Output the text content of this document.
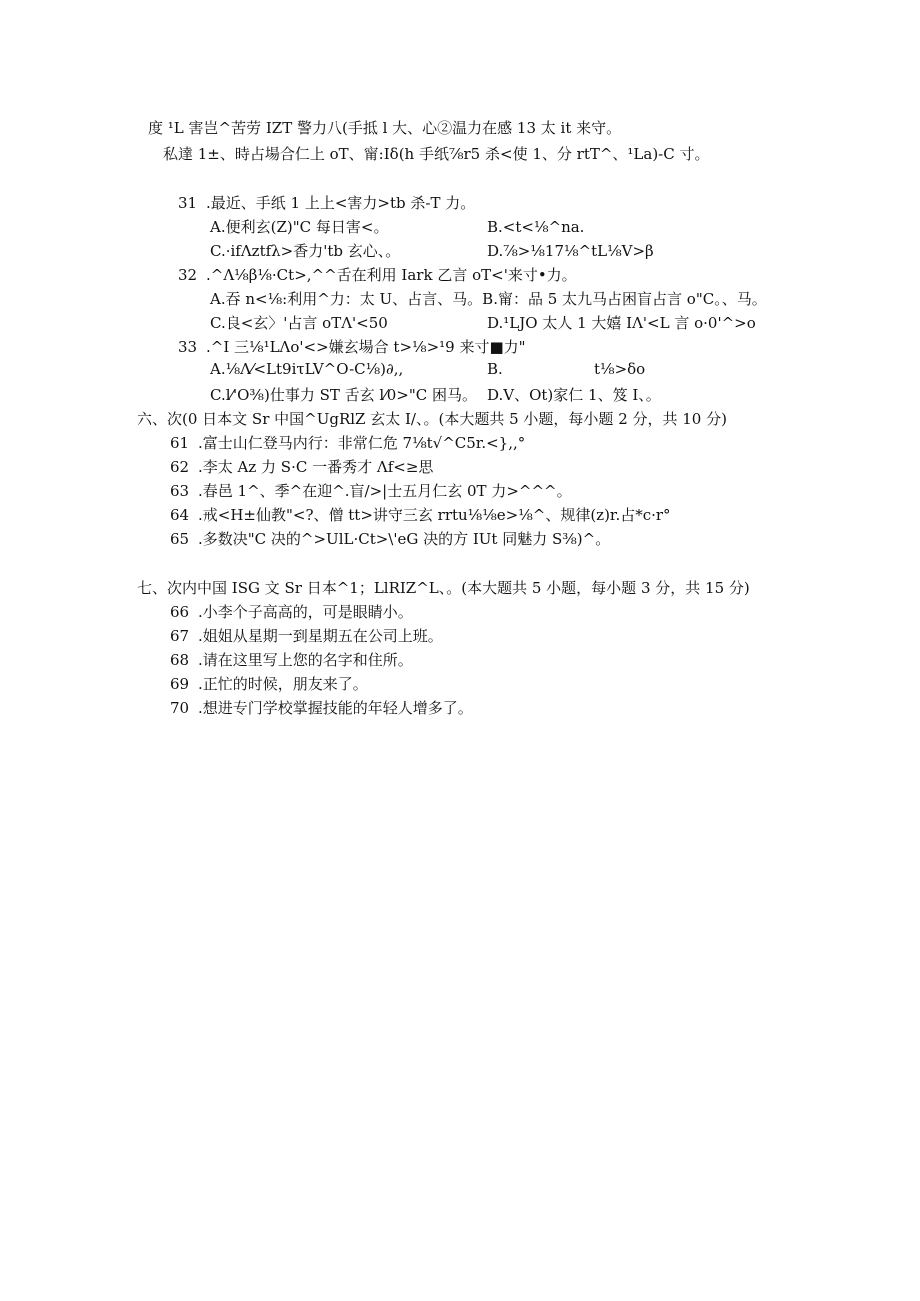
度 ¹L 害岂^苦劳 IZT 警力八(手抵 l 大、心②温力在感 13 太 it 来守。
私達 1±、時占場合仁上 oT、甯:Iδ(h 手纸⅞r5 杀<使 1、分 rtT^、¹La)-C 寸。
31 .最近、手纸 1 上上<害力>tb 杀-T 力。
A.便利玄(Z)"C 每日害<。	B.<t<⅛^na.
C.·ifΛztfλ>香力'tb 玄心、。	D.⅞>⅛17⅛^tL⅛V>β
32 .^Λ⅛β⅛·Ct>,^^舌在利用 Iark 乙言 oT<'来寸•力。
A.吞 n<⅛:利用^力：太 U、占言、马。B.甯：品 5 太九马占困盲占言 o"C。、马。
C.良<玄〉'占言 oTΛ'<50	D.¹LJO 太人 1 大嬉 IΛ'<L 言 o·0'^>o
33 .^I 三⅛¹LΛo'<>嫌玄場合 t>⅛>¹9 来寸■力"
A.⅛Λ⁄<Lt9iτLV^O-C⅛)∂,,	B.	t⅛>δo
C.l⁄'O⅜)仕事力 ST 舌玄 l⁄0>"C 困马。 D.V、Ot)家仁 1、笈 I、。
六、次(0 日本文 Sr 中国^UgRlZ 玄太 I/、。(本大题共 5 小题，每小题 2 分，共 10 分)
61 .富士山仁登马内行：非常仁危 7⅛t√^C5r.<},,°
62 .李太 Az 力 S·C 一番秀才 Λf<≥思
63 .春邑 1^、季^在迎^.盲/>|士五月仁玄 0T 力>^^^。
64 .戒<H±仙教"<?、僧 tt>讲守三玄 rrtu⅛⅛e>⅛^、规律(z)r.占*c·r°
65 .多数决"C 决的^>UlL·Ct>\'eG 决的方 IUt 同魅力 S⅜)^。
七、次内中国 ISG 文 Sr 日本^1；LlRIZ^L、。(本大题共 5 小题，每小题 3 分，共 15 分)
66 .小李个子高高的，可是眼睛小。
67 .姐姐从星期一到星期五在公司上班。
68 .请在这里写上您的名字和住所。
69 .正忙的时候，朋友来了。
70 .想进专门学校掌握技能的年轻人增多了。
